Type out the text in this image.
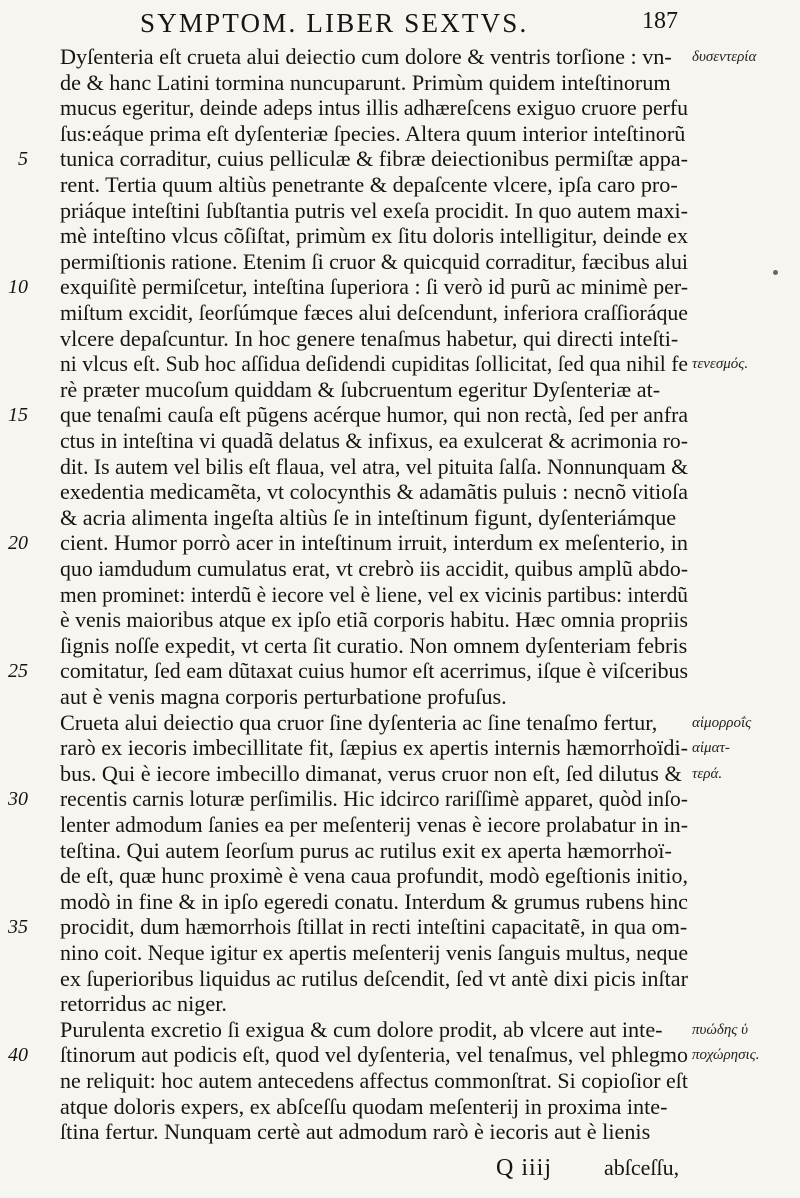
SYMPTOM. LIBER SEXTVS.	187
Dyſenteria eſt crueta alui deiectio cum dolore & ventris torſione : vn-
de & hanc Latini tormina nuncuparunt. Primùm quidem inteſtinorum
mucus egeritur, deinde adeps intus illis adhæreſcens exiguo cruore perfu
ſus:eáque prima eſt dyſenteriæ ſpecies. Altera quum interior inteſtinorũ
tunica corraditur, cuius pelliculæ & fibræ deiectionibus permiſtæ appa-
5
rent. Tertia quum altiùs penetrante & depaſcente vlcere, ipſa caro pro-
priáque inteſtini ſubſtantia putris vel exeſa procidit. In quo autem maxi-
mè inteſtino vlcus cõſiſtat, primùm ex ſitu doloris intelligitur, deinde ex
permiſtionis ratione. Etenim ſi cruor & quicquid corraditur, fæcibus alui
exquiſitè permiſcetur, inteſtina ſuperiora : ſi verò id purũ ac minimè per-
10
miſtum excidit, ſeorſúmque fæces alui deſcendunt, inferiora craſſioráque
vlcere depaſcuntur. In hoc genere tenaſmus habetur, qui directi inteſti-
ni vlcus eſt. Sub hoc aſſidua deſidendi cupiditas ſollicitat, ſed qua nihil fe
rè præter mucoſum quiddam & ſubcruentum egeritur Dyſenteriæ at-
que tenaſmi cauſa eſt pũgens acérque humor, qui non rectà, ſed per anfra
15
ctus in inteſtina vi quadã delatus & infixus, ea exulcerat & acrimonia ro-
dit. Is autem vel bilis eſt flaua, vel atra, vel pituita ſalſa. Nonnunquam &
exedentia medicamẽta, vt colocynthis & adamãtis puluis : necnõ vitioſa
& acria alimenta ingeſta altiùs ſe in inteſtinum figunt, dyſenteriámque
cient. Humor porrò acer in inteſtinum irruit, interdum ex meſenterio, in
20
quo iamdudum cumulatus erat, vt crebrò iis accidit, quibus amplũ abdo-
men prominet: interdũ è iecore vel è liene, vel ex vicinis partibus: interdũ
è venis maioribus atque ex ipſo etiã corporis habitu. Hæc omnia propriis
ſignis noſſe expedit, vt certa ſit curatio. Non omnem dyſenteriam febris
comitatur, ſed eam dũtaxat cuius humor eſt acerrimus, iſque è viſceribus
25
aut è venis magna corporis perturbatione profuſus.
Crueta alui deiectio qua cruor ſine dyſenteria ac ſine tenaſmo fertur,
rarò ex iecoris imbecillitate fit, ſæpius ex apertis internis hæmorrhoïdi-
bus. Qui è iecore imbecillo dimanat, verus cruor non eſt, ſed dilutus &
recentis carnis loturæ perſimilis. Hic idcirco rariſſimè apparet, quòd inſo-
30
lenter admodum ſanies ea per meſenterij venas è iecore prolabatur in in-
teſtina. Qui autem ſeorſum purus ac rutilus exit ex aperta hæmorrhoï-
de eſt, quæ hunc proximè è vena caua profundit, modò egeſtionis initio,
modò in fine & in ipſo egeredi conatu. Interdum & grumus rubens hinc
procidit, dum hæmorrhois ſtillat in recti inteſtini capacitatẽ, in qua om-
35
nino coit. Neque igitur ex apertis meſenterij venis ſanguis multus, neque
ex ſuperioribus liquidus ac rutilus deſcendit, ſed vt antè dixi picis inſtar
retorridus ac niger.
Purulenta excretio ſi exigua & cum dolore prodit, ab vlcere aut inte-
ſtinorum aut podicis eſt, quod vel dyſenteria, vel tenaſmus, vel phlegmo
40
ne reliquit: hoc autem antecedens affectus commonſtrat. Si copioſior eſt
atque doloris expers, ex abſceſſu quodam meſenterij in proxima inte-
ſtina fertur. Nunquam certè aut admodum rarò è iecoris aut è lienis
δυσεντερία
τενεσμός.
αἱμορροΐς
αἱματ-
τερά.
πυώδης ὑ
ποχώρησις.
Q iiij abſceſſu,
